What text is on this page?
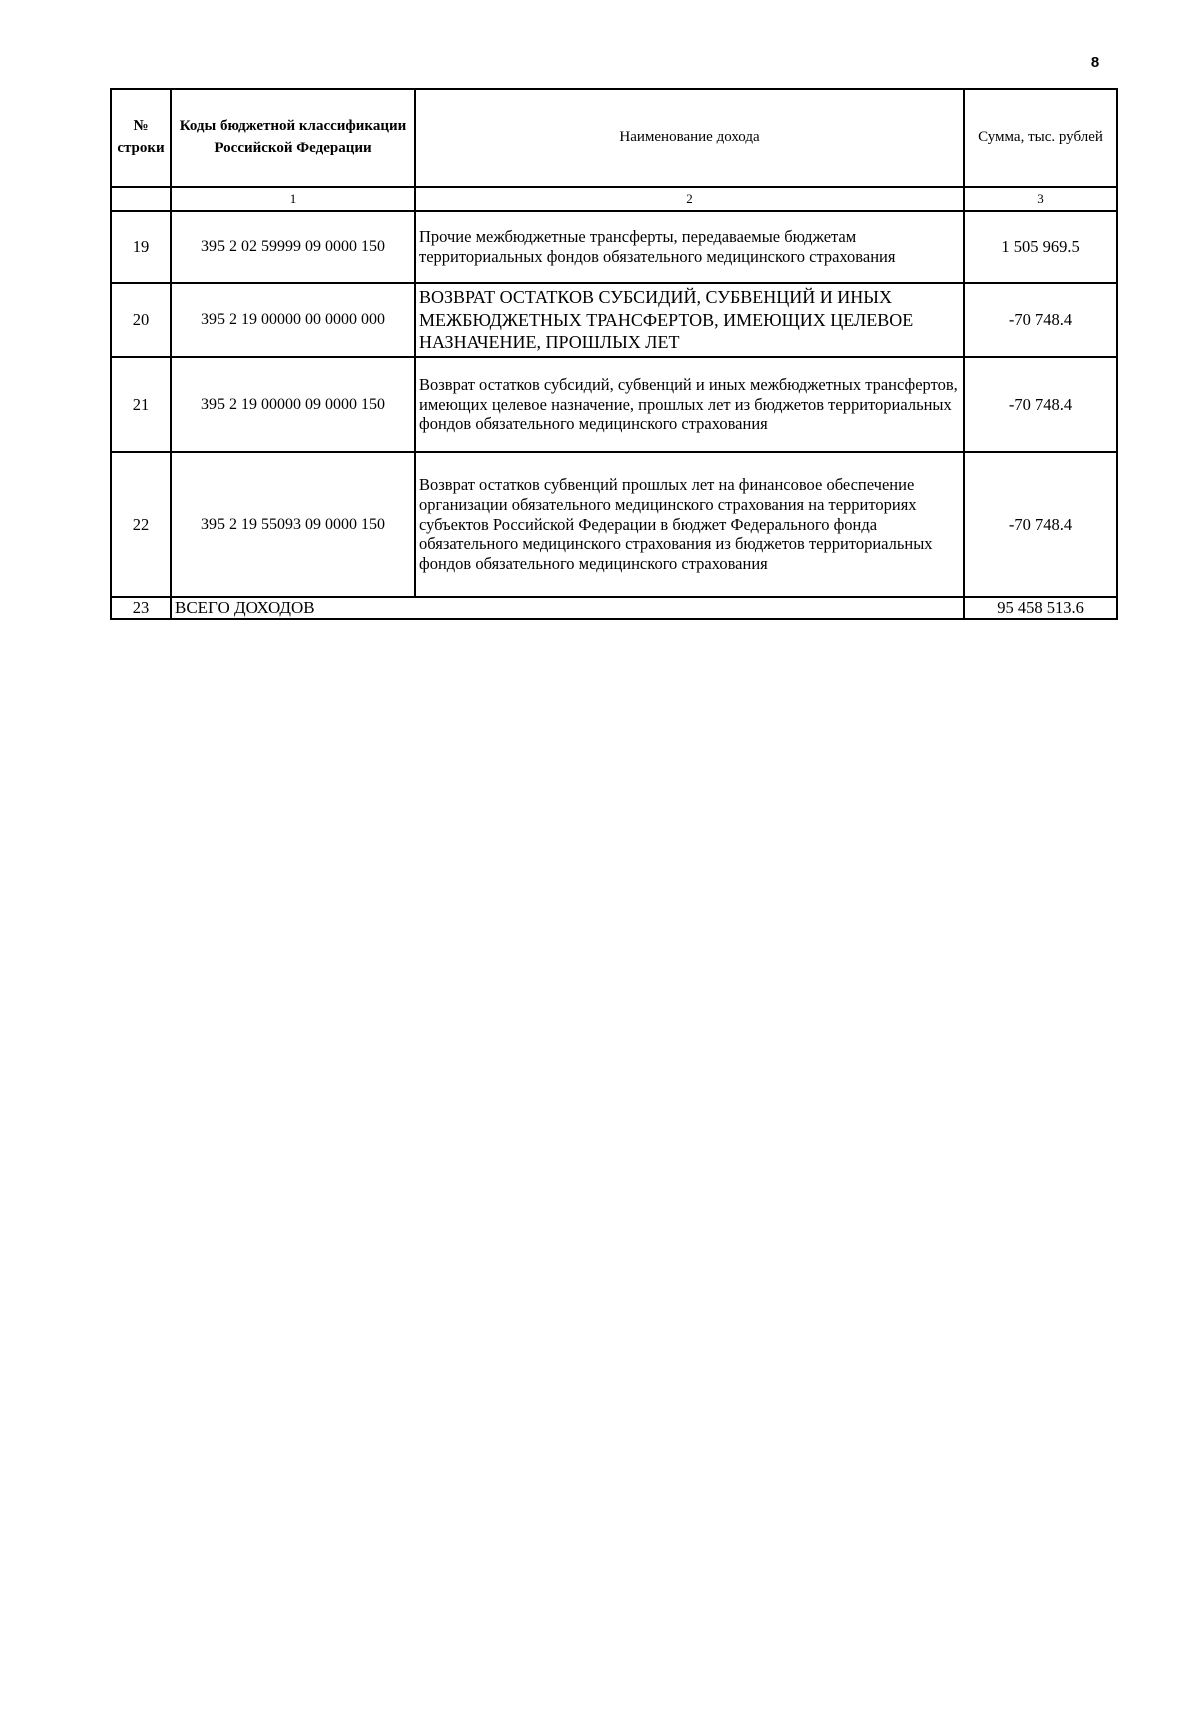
8
№ строки	Коды бюджетной классификации Российской Федерации	Наименование дохода	Сумма, тыс. рублей
	1	2	3
19	395 2 02 59999 09 0000 150	Прочие межбюджетные трансферты, передаваемые бюджетам территориальных фондов обязательного медицинского страхования	1 505 969.5
20	395 2 19 00000 00 0000 000	ВОЗВРАТ ОСТАТКОВ СУБСИДИЙ, СУБВЕНЦИЙ И ИНЫХ МЕЖБЮДЖЕТНЫХ ТРАНСФЕРТОВ, ИМЕЮЩИХ ЦЕЛЕВОЕ НАЗНАЧЕНИЕ, ПРОШЛЫХ ЛЕТ	-70 748.4
21	395 2 19 00000 09 0000 150	Возврат остатков субсидий, субвенций и иных межбюджетных трансфертов, имеющих целевое назначение, прошлых лет из бюджетов территориальных фондов обязательного медицинского страхования	-70 748.4
22	395 2 19 55093 09 0000 150	Возврат остатков субвенций прошлых лет на финансовое обеспечение организации обязательного медицинского страхования на территориях субъектов Российской Федерации в бюджет Федерального фонда обязательного медицинского страхования из бюджетов территориальных фондов обязательного медицинского страхования	-70 748.4
23	ВСЕГО ДОХОДОВ		95 458 513.6
